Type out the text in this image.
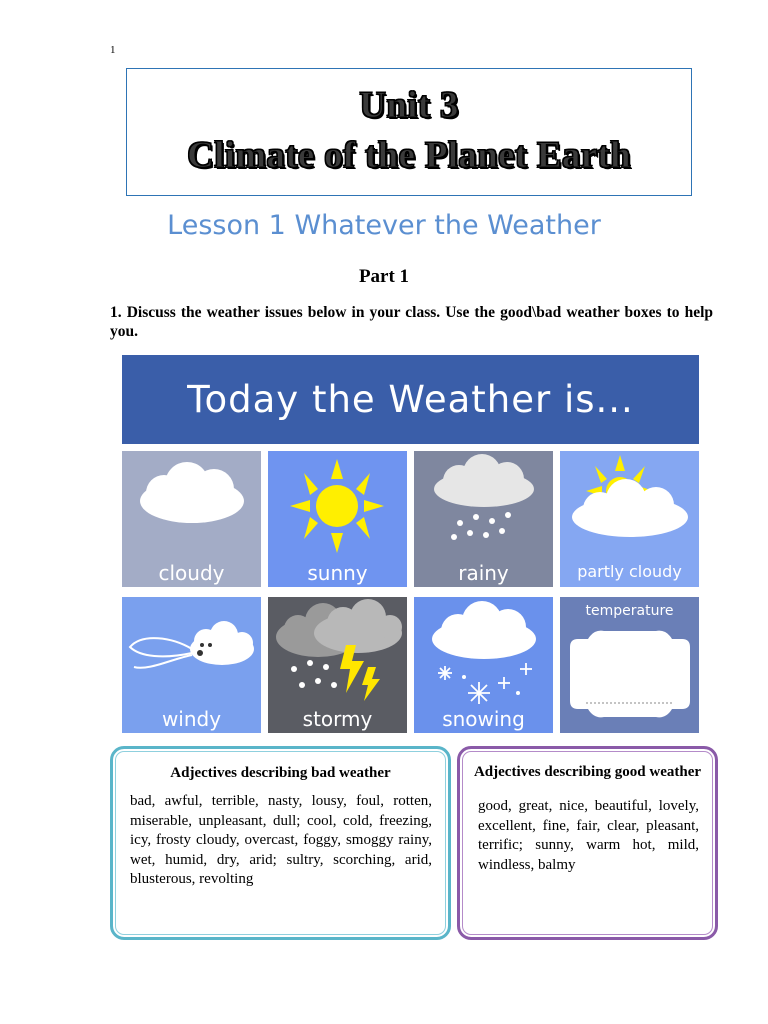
1
Unit 3
Climate of the Planet Earth
Lesson 1 Whatever the Weather
Part 1
1. Discuss the weather issues below in your class. Use the good\bad weather boxes to help you.
Today the Weather is...
cloudy	sunny	rainy	partly cloudy
windy	stormy	snowing
temperature
Adjectives describing bad weather
bad, awful, terrible, nasty, lousy, foul, rotten, miserable, unpleasant, dull; cool, cold, freezing, icy, frosty cloudy, overcast, foggy, smoggy rainy, wet, humid, dry, arid; sultry, scorching, arid, blusterous, revolting
Adjectives describing good weather
good, great, nice, beautiful, lovely, excellent, fine, fair, clear, pleasant, terrific; sunny, warm hot, mild, windless, balmy
